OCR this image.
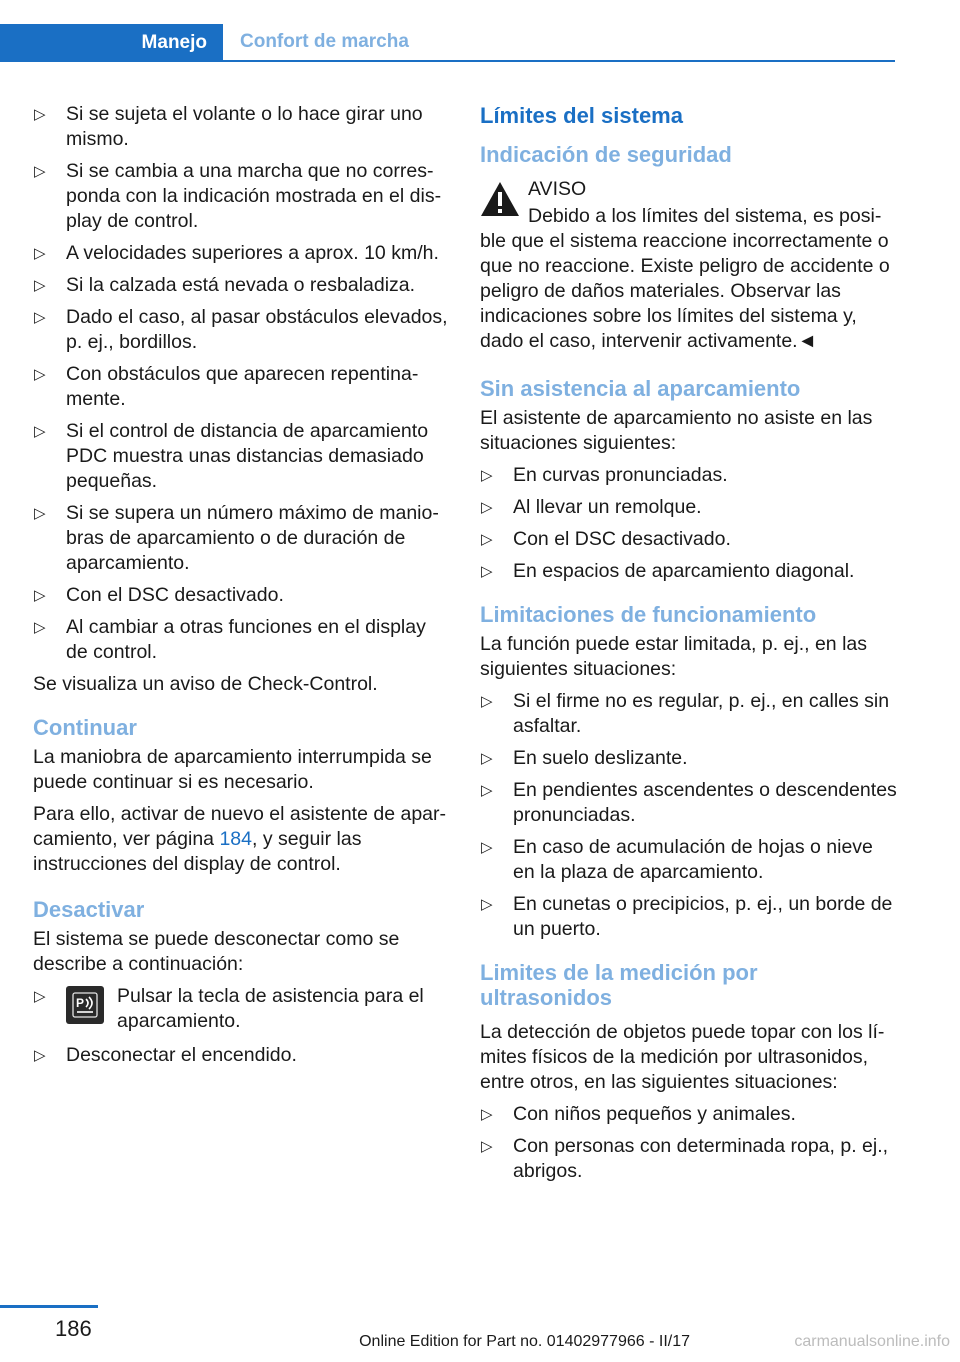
Manejo	Confort de marcha
▷ Si se sujeta el volante o lo hace girar uno mismo.
▷ Si se cambia a una marcha que no corresponda con la indicación mostrada en el display de control.
▷ A velocidades superiores a aprox. 10 km/h.
▷ Si la calzada está nevada o resbaladiza.
▷ Dado el caso, al pasar obstáculos elevados, p. ej., bordillos.
▷ Con obstáculos que aparecen repentinamente.
▷ Si el control de distancia de aparcamiento PDC muestra unas distancias demasiado pequeñas.
▷ Si se supera un número máximo de maniobras de aparcamiento o de duración de aparcamiento.
▷ Con el DSC desactivado.
▷ Al cambiar a otras funciones en el display de control.

Se visualiza un aviso de Check-Control.

Continuar

La maniobra de aparcamiento interrumpida se puede continuar si es necesario.

Para ello, activar de nuevo el asistente de aparcamiento, ver página 184, y seguir las instrucciones del display de control.

Desactivar

El sistema se puede desconectar como se describe a continuación:

▷	P Pulsar la tecla de asistencia para el aparcamiento.
▷ Desconectar el encendido.
Límites del sistema
Indicación de seguridad
AVISO

Debido a los límites del sistema, es posible que el sistema reaccione incorrectamente o que no reaccione. Existe peligro de accidente o peligro de daños materiales. Observar las indicaciones sobre los límites del sistema y, dado el caso, intervenir activamente.◄

Sin asistencia al aparcamiento

El asistente de aparcamiento no asiste en las situaciones siguientes:

▷ En curvas pronunciadas.
▷ Al llevar un remolque.
▷ Con el DSC desactivado.
▷ En espacios de aparcamiento diagonal.
Limitaciones de funcionamiento

La función puede estar limitada, p. ej., en las siguientes situaciones:

▷ Si el firme no es regular, p. ej., en calles sin asfaltar.
▷ En suelo deslizante.
▷ En pendientes ascendentes o descendentes pronunciadas.
▷ En caso de acumulación de hojas o nieve en la plaza de aparcamiento.
▷ En cunetas o precipicios, p. ej., un borde de un puerto.
Limites de la medición por ultrasonidos

La detección de objetos puede topar con los límites físicos de la medición por ultrasonidos, entre otros, en las siguientes situaciones:

▷ Con niños pequeños y animales.
▷ Con personas con determinada ropa, p. ej., abrigos.
186
Online Edition for Part no. 01402977966 - II/17	carmanualsonline.info
